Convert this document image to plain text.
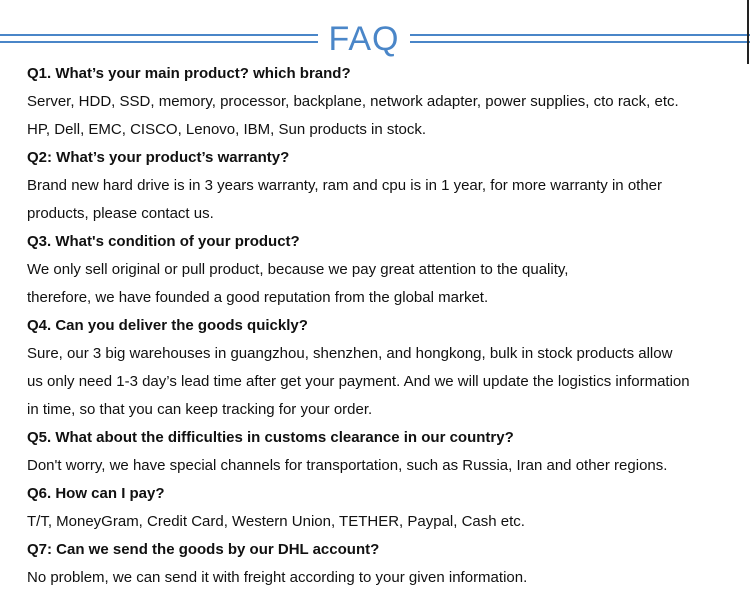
FAQ
Q1. What’s your main product? which brand?
Server, HDD, SSD, memory, processor, backplane, network adapter, power supplies, cto rack, etc.
HP, Dell, EMC, CISCO, Lenovo, IBM, Sun products in stock.
Q2: What’s your product’s warranty?
Brand new hard drive is in 3 years warranty, ram and cpu is in 1 year, for more warranty in other
products, please contact us.
Q3. What's condition of your product?
We only sell original or pull product, because we pay great attention to the quality,
therefore, we have founded a good reputation from the global market.
Q4. Can you deliver the goods quickly?
Sure, our 3 big warehouses in guangzhou, shenzhen, and hongkong, bulk in stock products allow
us only need 1-3 day’s lead time after get your payment. And we will update the logistics information
in time, so that you can keep tracking for your order.
Q5. What about the difficulties in customs clearance in our country?
Don't worry, we have special channels for transportation, such as Russia, Iran and other regions.
Q6. How can I pay?
T/T, MoneyGram, Credit Card, Western Union, TETHER, Paypal, Cash etc.
Q7: Can we send the goods by our DHL account?
No problem, we can send it with freight according to your given information.
